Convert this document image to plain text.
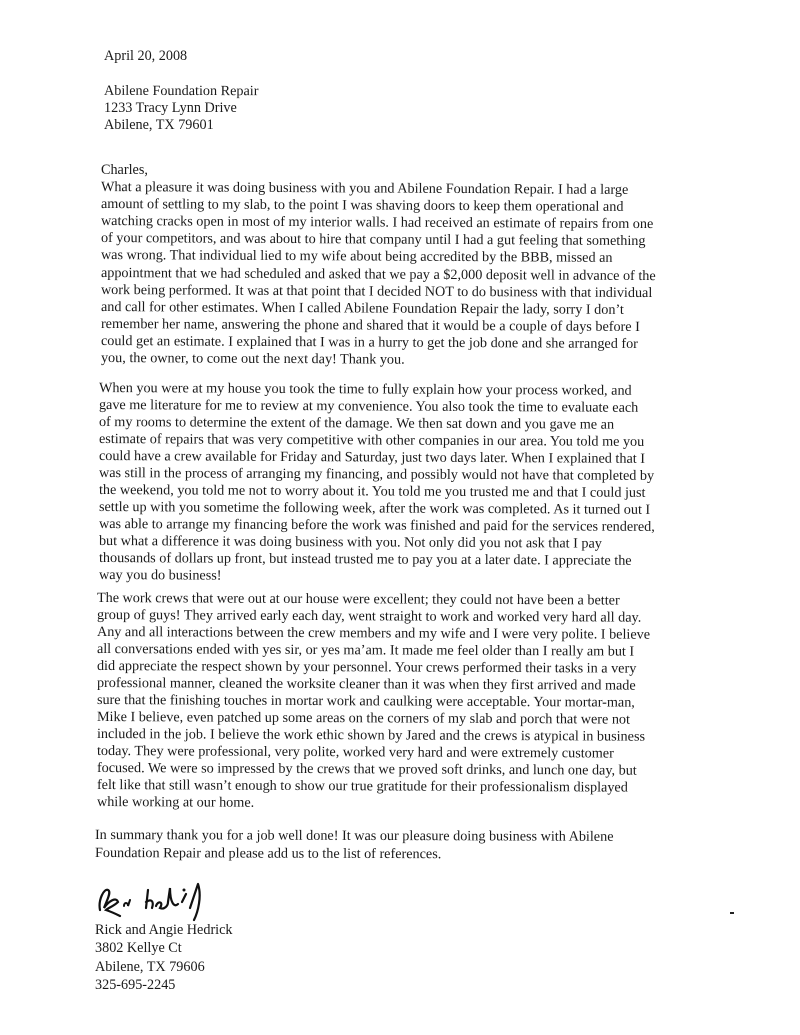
April 20, 2008
Abilene Foundation Repair
1233 Tracy Lynn Drive
Abilene, TX 79601
Charles,
What a pleasure it was doing business with you and Abilene Foundation Repair. I had a large
amount of settling to my slab, to the point I was shaving doors to keep them operational and
watching cracks open in most of my interior walls. I had received an estimate of repairs from one
of your competitors, and was about to hire that company until I had a gut feeling that something
was wrong. That individual lied to my wife about being accredited by the BBB, missed an
appointment that we had scheduled and asked that we pay a $2,000 deposit well in advance of the
work being performed. It was at that point that I decided NOT to do business with that individual
and call for other estimates. When I called Abilene Foundation Repair the lady, sorry I don’t
remember her name, answering the phone and shared that it would be a couple of days before I
could get an estimate. I explained that I was in a hurry to get the job done and she arranged for
you, the owner, to come out the next day! Thank you.
When you were at my house you took the time to fully explain how your process worked, and
gave me literature for me to review at my convenience. You also took the time to evaluate each
of my rooms to determine the extent of the damage. We then sat down and you gave me an
estimate of repairs that was very competitive with other companies in our area. You told me you
could have a crew available for Friday and Saturday, just two days later. When I explained that I
was still in the process of arranging my financing, and possibly would not have that completed by
the weekend, you told me not to worry about it. You told me you trusted me and that I could just
settle up with you sometime the following week, after the work was completed. As it turned out I
was able to arrange my financing before the work was finished and paid for the services rendered,
but what a difference it was doing business with you. Not only did you not ask that I pay
thousands of dollars up front, but instead trusted me to pay you at a later date. I appreciate the
way you do business!
The work crews that were out at our house were excellent; they could not have been a better
group of guys! They arrived early each day, went straight to work and worked very hard all day.
Any and all interactions between the crew members and my wife and I were very polite. I believe
all conversations ended with yes sir, or yes ma’am. It made me feel older than I really am but I
did appreciate the respect shown by your personnel. Your crews performed their tasks in a very
professional manner, cleaned the worksite cleaner than it was when they first arrived and made
sure that the finishing touches in mortar work and caulking were acceptable. Your mortar-man,
Mike I believe, even patched up some areas on the corners of my slab and porch that were not
included in the job. I believe the work ethic shown by Jared and the crews is atypical in business
today. They were professional, very polite, worked very hard and were extremely customer
focused. We were so impressed by the crews that we proved soft drinks, and lunch one day, but
felt like that still wasn’t enough to show our true gratitude for their professionalism displayed
while working at our home.
In summary thank you for a job well done! It was our pleasure doing business with Abilene
Foundation Repair and please add us to the list of references.
Rick and Angie Hedrick
3802 Kellye Ct
Abilene, TX 79606
325-695-2245
